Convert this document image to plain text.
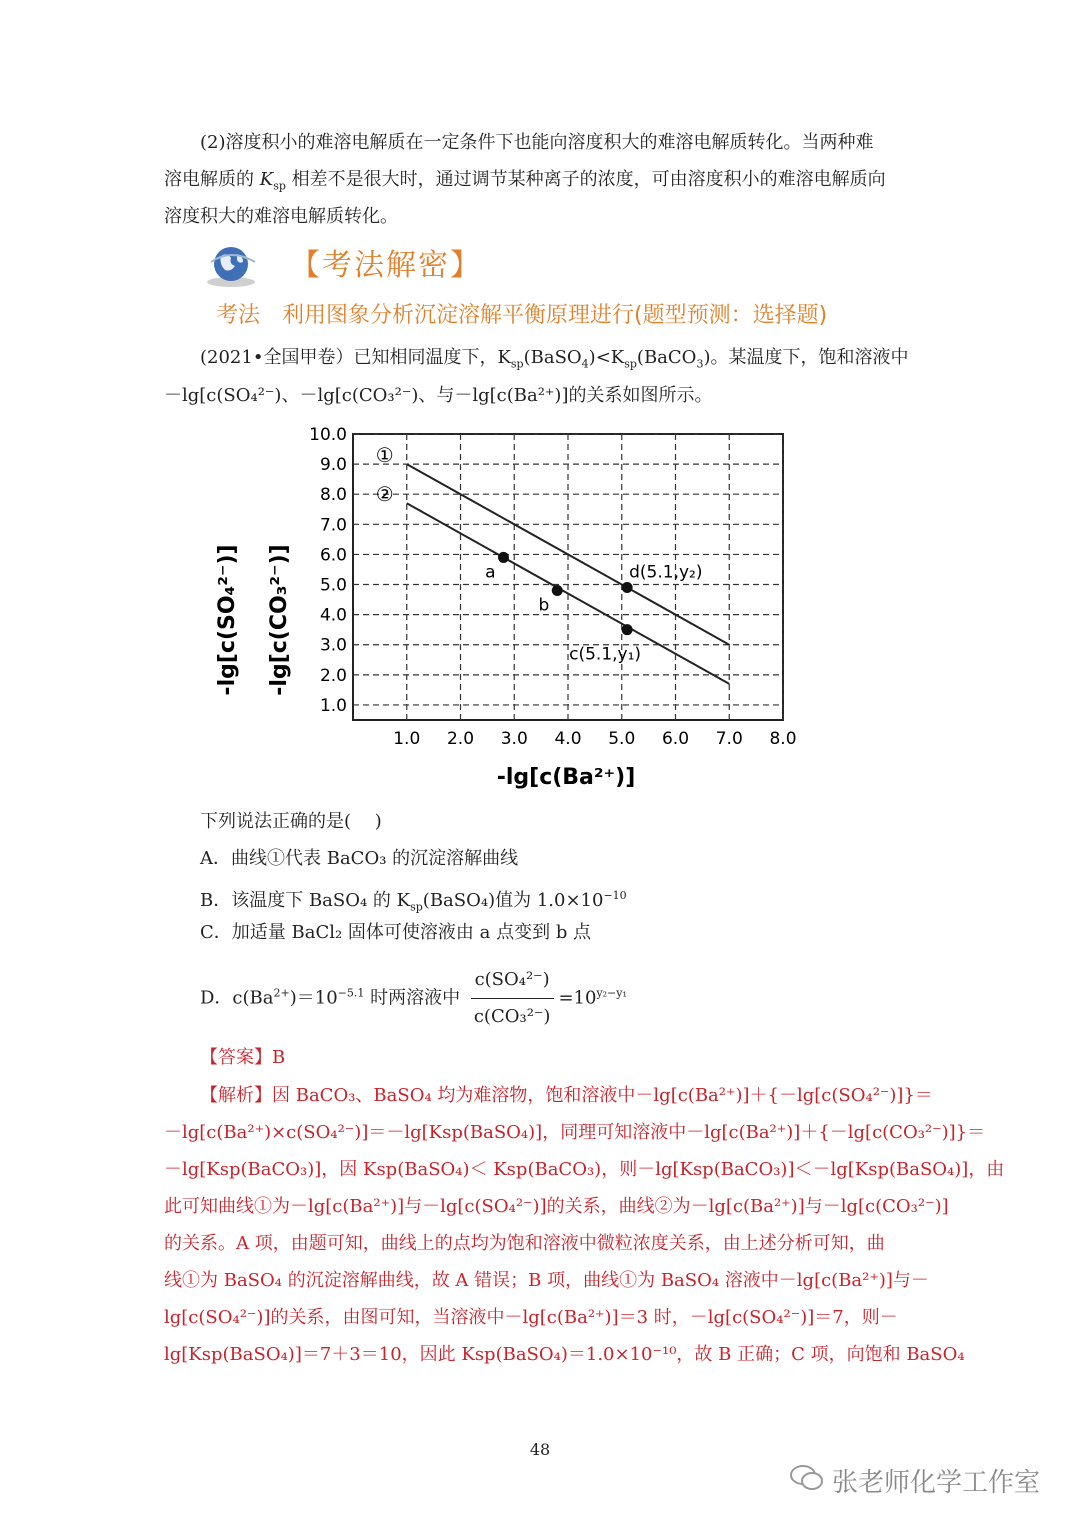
(2)溶度积小的难溶电解质在一定条件下也能向溶度积大的难溶电解质转化。当两种难
溶电解质的 $K_{sp}$ 相差不是很大时，通过调节某种离子的浓度，可由溶度积小的难溶电解质向
溶度积大的难溶电解质转化。
【考法解密】
考法　利用图象分析沉淀溶解平衡原理进行(题型预测：选择题)
(2021•全国甲卷）已知相同温度下，$K_{sp}(BaSO_4)<K_{sp}(BaCO_3)$。某温度下，饱和溶液中
－lg[c(SO₄²⁻)、－lg[c(CO₃²⁻)、与－lg[c(Ba²⁺)]的关系如图所示。
1.0 2.0 3.0 4.0 5.0 6.0 7.0 8.0
1.0
2.0
3.0
4.0
5.0
6.0
7.0
8.0
9.0
10.0
①
②
a
b
d(5.1,y₂)
c(5.1,y₁)
-lg[c(Ba²⁺)]
-lg[c(SO₄²⁻)] -lg[c(CO₃²⁻)]
下列说法正确的是(　 )
A．曲线①代表 BaCO₃ 的沉淀溶解曲线
B．该温度下 BaSO₄ 的 $K_{sp}(BaSO_4)$值为 $1.0\times 10^{-10}$
C．加适量 BaCl₂ 固体可使溶液由 a 点变到 b 点
D．$c(Ba^{2+})=10^{-5.1}$ 时两溶液中 $\frac{\text{c(SO₄²⁻)}}{\text{c(CO₃²⁻)}} =10^{y_2-y_1}$
【答案】B
【解析】因 BaCO₃、BaSO₄ 均为难溶物，饱和溶液中－lg[c(Ba²⁺)]＋{－lg[c(SO₄²⁻)]}＝
－lg[c(Ba²⁺)×c(SO₄²⁻)]＝－lg[Ksp(BaSO₄)]，同理可知溶液中－lg[c(Ba²⁺)]＋{－lg[c(CO₃²⁻)]}＝
－lg[Ksp(BaCO₃)]，因 Ksp(BaSO₄)＜ Ksp(BaCO₃)，则－lg[Ksp(BaCO₃)]＜－lg[Ksp(BaSO₄)]，由
此可知曲线①为－lg[c(Ba²⁺)]与－lg[c(SO₄²⁻)]的关系，曲线②为－lg[c(Ba²⁺)]与－lg[c(CO₃²⁻)]
的关系。A 项，由题可知，曲线上的点均为饱和溶液中微粒浓度关系，由上述分析可知，曲
线①为 BaSO₄ 的沉淀溶解曲线，故 A 错误；B 项，曲线①为 BaSO₄ 溶液中－lg[c(Ba²⁺)]与－
lg[c(SO₄²⁻)]的关系，由图可知，当溶液中－lg[c(Ba²⁺)]＝3 时，－lg[c(SO₄²⁻)]＝7，则－
lg[Ksp(BaSO₄)]＝7＋3＝10，因此 Ksp(BaSO₄)＝1.0×10⁻¹⁰，故 B 正确；C 项，向饱和 BaSO₄
48
张老师化学工作室
